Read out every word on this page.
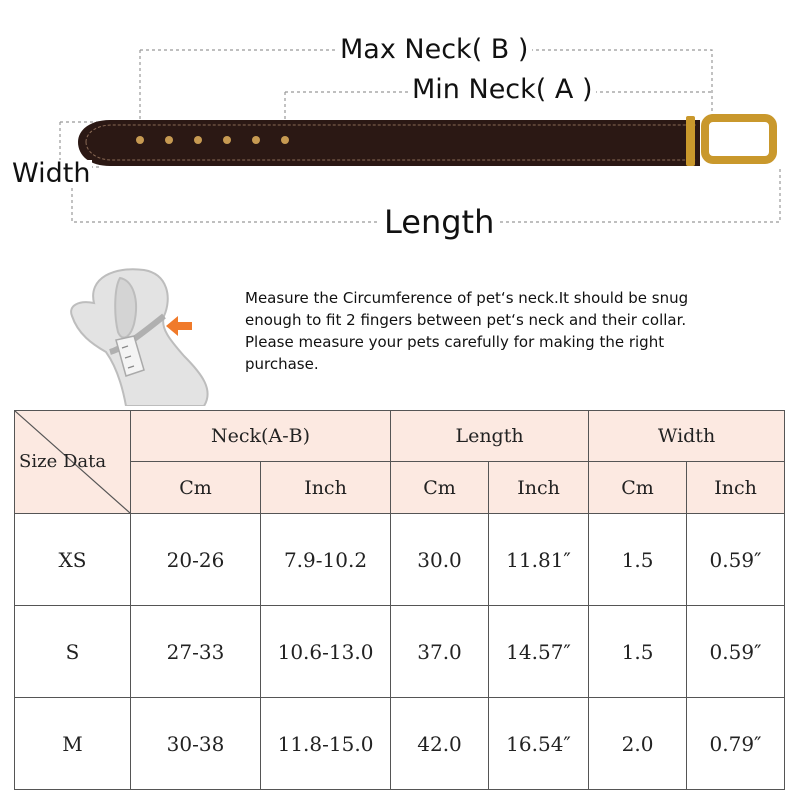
Max Neck( B )
Min Neck( A )
Width
Length
Measure the Circumference of pet‘s neck.It should be snug
enough to fit 2 fingers between pet‘s neck and their collar.
Please measure your pets carefully for making the right
purchase.
Size Data	Neck(A-B)		Length		Width	
	Cm	Inch	Cm	Inch	Cm	Inch
XS	20-26	7.9-10.2	30.0	11.81″	1.5	0.59″
S	27-33	10.6-13.0	37.0	14.57″	1.5	0.59″
M	30-38	11.8-15.0	42.0	16.54″	2.0	0.79″
